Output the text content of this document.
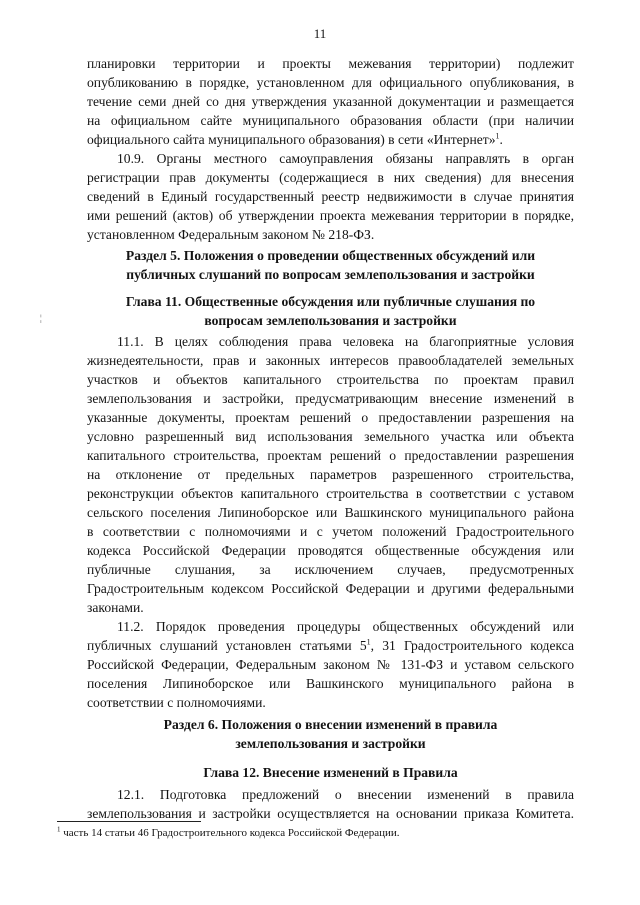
11
планировки территории и проекты межевания территории) подлежит
опубликованию в порядке, установленном для официального опубликования, в
течение семи дней со дня утверждения указанной документации и размещается
на официальном сайте муниципального образования области (при наличии
официального сайта муниципального образования) в сети «Интернет»$^1$.
10.9. Органы местного самоуправления обязаны направлять в орган
регистрации прав документы (содержащиеся в них сведения) для внесения
сведений в Единый государственный реестр недвижимости в случае принятия
ими решений (актов) об утверждении проекта межевания территории в порядке,
установленном Федеральным законом № 218-ФЗ.
Раздел 5. Положения о проведении общественных обсуждений или
публичных слушаний по вопросам землепользования и застройки
Глава 11. Общественные обсуждения или публичные слушания по
вопросам землепользования и застройки
11.1. В целях соблюдения права человека на благоприятные условия
жизнедеятельности, прав и законных интересов правообладателей земельных
участков и объектов капитального строительства по проектам правил
землепользования и застройки, предусматривающим внесение изменений в
указанные документы, проектам решений о предоставлении разрешения на
условно разрешенный вид использования земельного участка или объекта
капитального строительства, проектам решений о предоставлении разрешения
на отклонение от предельных параметров разрешенного строительства,
реконструкции объектов капитального строительства в соответствии с уставом
сельского поселения Липиноборское или Вашкинского муниципального района
в соответствии с полномочиями и с учетом положений Градостроительного
кодекса Российской Федерации проводятся общественные обсуждения или
публичные слушания, за исключением случаев, предусмотренных
Градостроительным кодексом Российской Федерации и другими федеральными
законами.
11.2. Порядок проведения процедуры общественных обсуждений или
публичных слушаний установлен статьями $5^1$, 31 Градостроительного кодекса
Российской Федерации, Федеральным законом № 131-ФЗ и уставом сельского
поселения Липиноборское или Вашкинского муниципального района в
соответствии с полномочиями.
Раздел 6. Положения о внесении изменений в правила
землепользования и застройки
Глава 12. Внесение изменений в Правила
12.1. Подготовка предложений о внесении изменений в правила
землепользования и застройки осуществляется на основании приказа Комитета.
$^1$ часть 14 статьи 46 Градостроительного кодекса Российской Федерации.
¦
